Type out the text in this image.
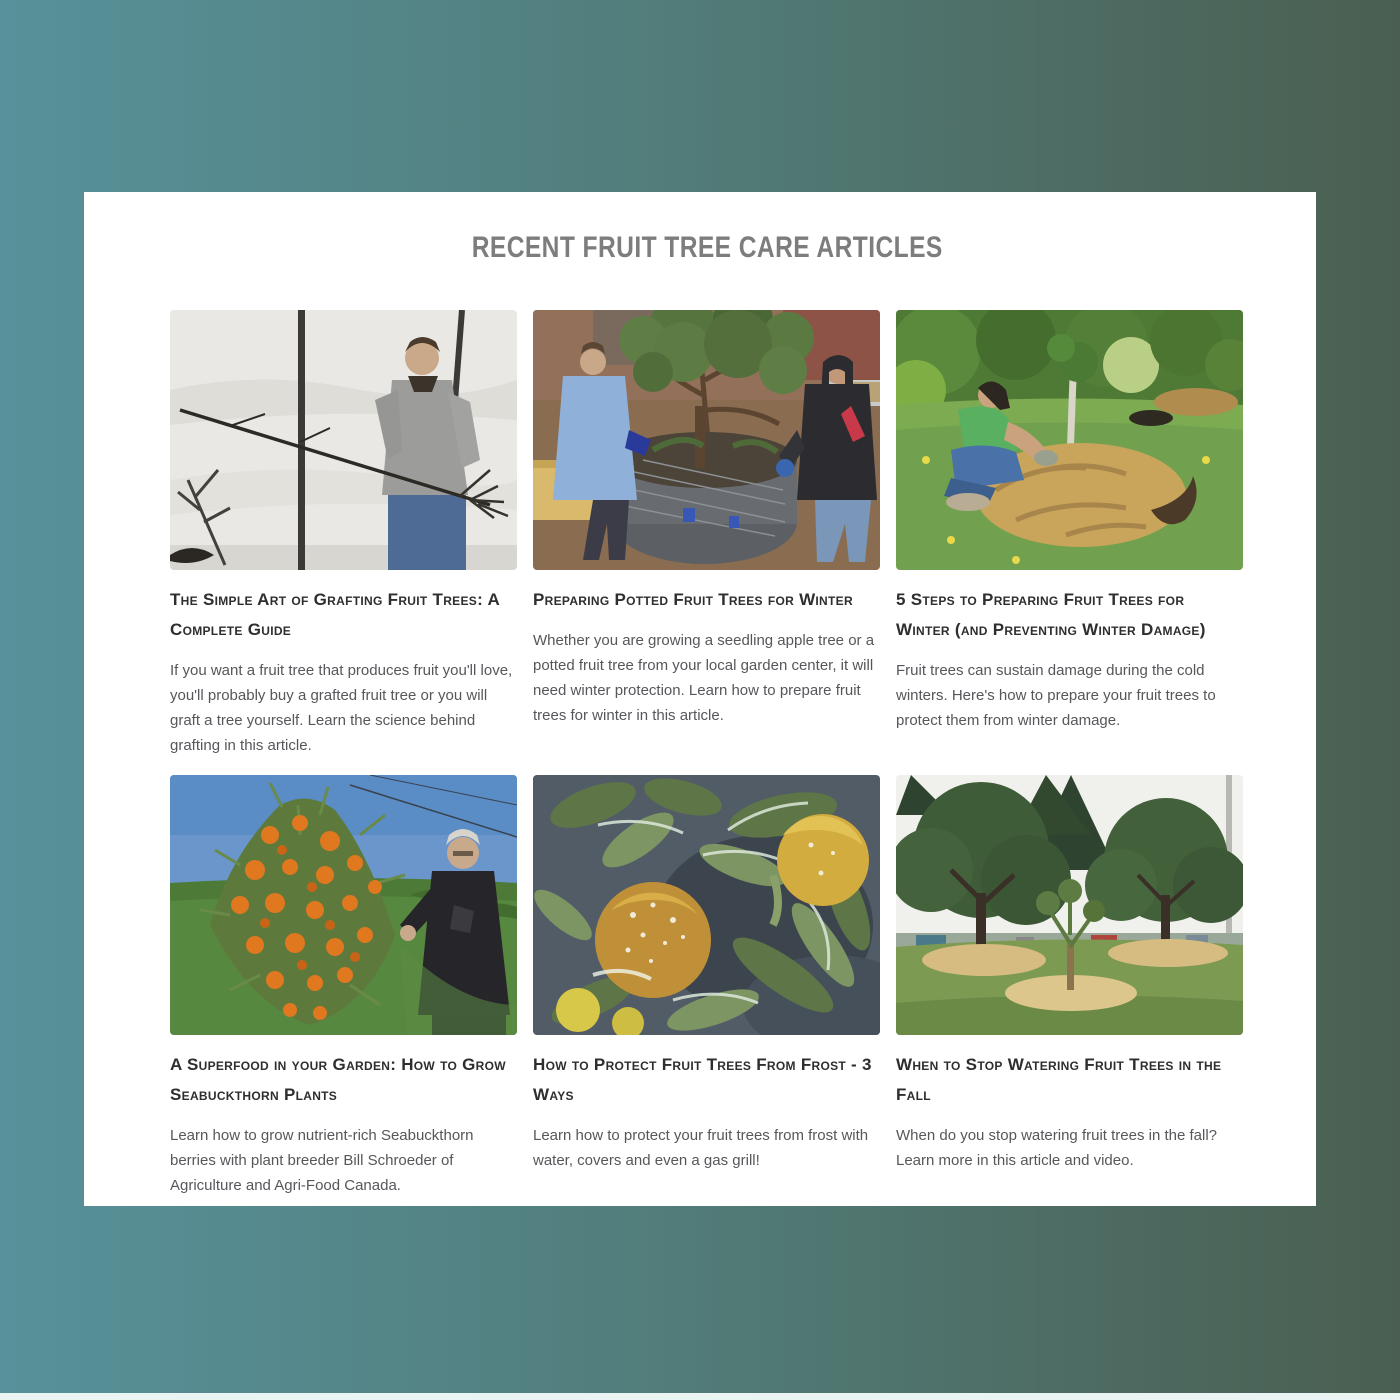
RECENT FRUIT TREE CARE ARTICLES
The Simple Art of Grafting Fruit Trees: A Complete Guide

If you want a fruit tree that produces fruit you'll love, you'll probably buy a grafted fruit tree or you will graft a tree yourself. Learn the science behind grafting in this article.

Preparing Potted Fruit Trees for Winter

Whether you are growing a seedling apple tree or a potted fruit tree from your local garden center, it will need winter protection. Learn how to prepare fruit trees for winter in this article.

5 Steps to Preparing Fruit Trees for Winter (and Preventing Winter Damage)

Fruit trees can sustain damage during the cold winters. Here's how to prepare your fruit trees to protect them from winter damage.

A Superfood in your Garden: How to Grow Seabuckthorn Plants

Learn how to grow nutrient-rich Seabuckthorn berries with plant breeder Bill Schroeder of Agriculture and Agri-Food Canada.

How to Protect Fruit Trees From Frost - 3 Ways

Learn how to protect your fruit trees from frost with water, covers and even a gas grill!

When to Stop Watering Fruit Trees in the Fall

When do you stop watering fruit trees in the fall? Learn more in this article and video.
